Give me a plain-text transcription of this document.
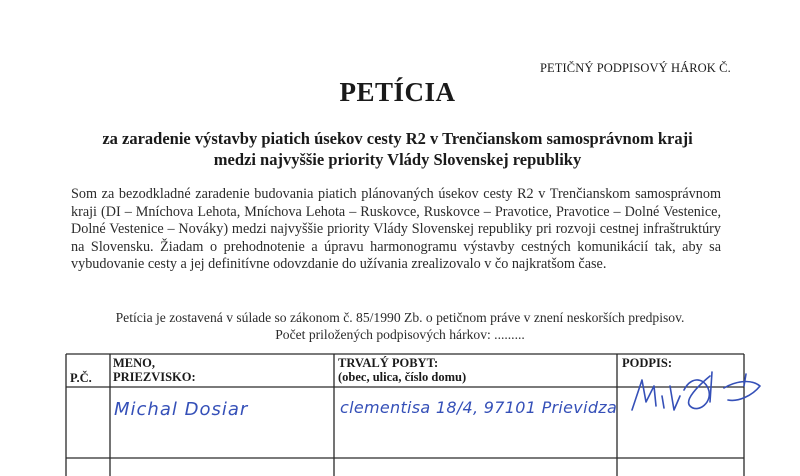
PETIČNÝ PODPISOVÝ HÁROK Č.
PETÍCIA
za zaradenie výstavby piatich úsekov cesty R2 v Trenčianskom samosprávnom kraji
medzi najvyššie priority Vlády Slovenskej republiky
Som za bezodkladné zaradenie budovania piatich plánovaných úsekov cesty R2 v Trenčianskom samosprávnom kraji (DI – Mníchova Lehota, Mníchova Lehota – Ruskovce, Ruskovce – Pravotice, Pravotice – Dolné Vestenice, Dolné Vestenice – Nováky) medzi najvyššie priority Vlády Slovenskej republiky pri rozvoji cestnej infraštruktúry na Slovensku. Žiadam o prehodnotenie a úpravu harmonogramu výstavby cestných komunikácií tak, aby sa vybudovanie cesty a jej definitívne odovzdanie do užívania zrealizovalo v čo najkratšom čase.
Petícia je zostavená v súlade so zákonom č. 85/1990 Zb. o petičnom práve v znení neskorších predpisov.
Počet priložených podpisových hárkov: .........
P.Č.
MENO,
PRIEZVISKO:
TRVALÝ POBYT:
(obec, ulica, číslo domu)
PODPIS:
Michal Dosiar	clementisa 18/4, 97101 Prievidza
